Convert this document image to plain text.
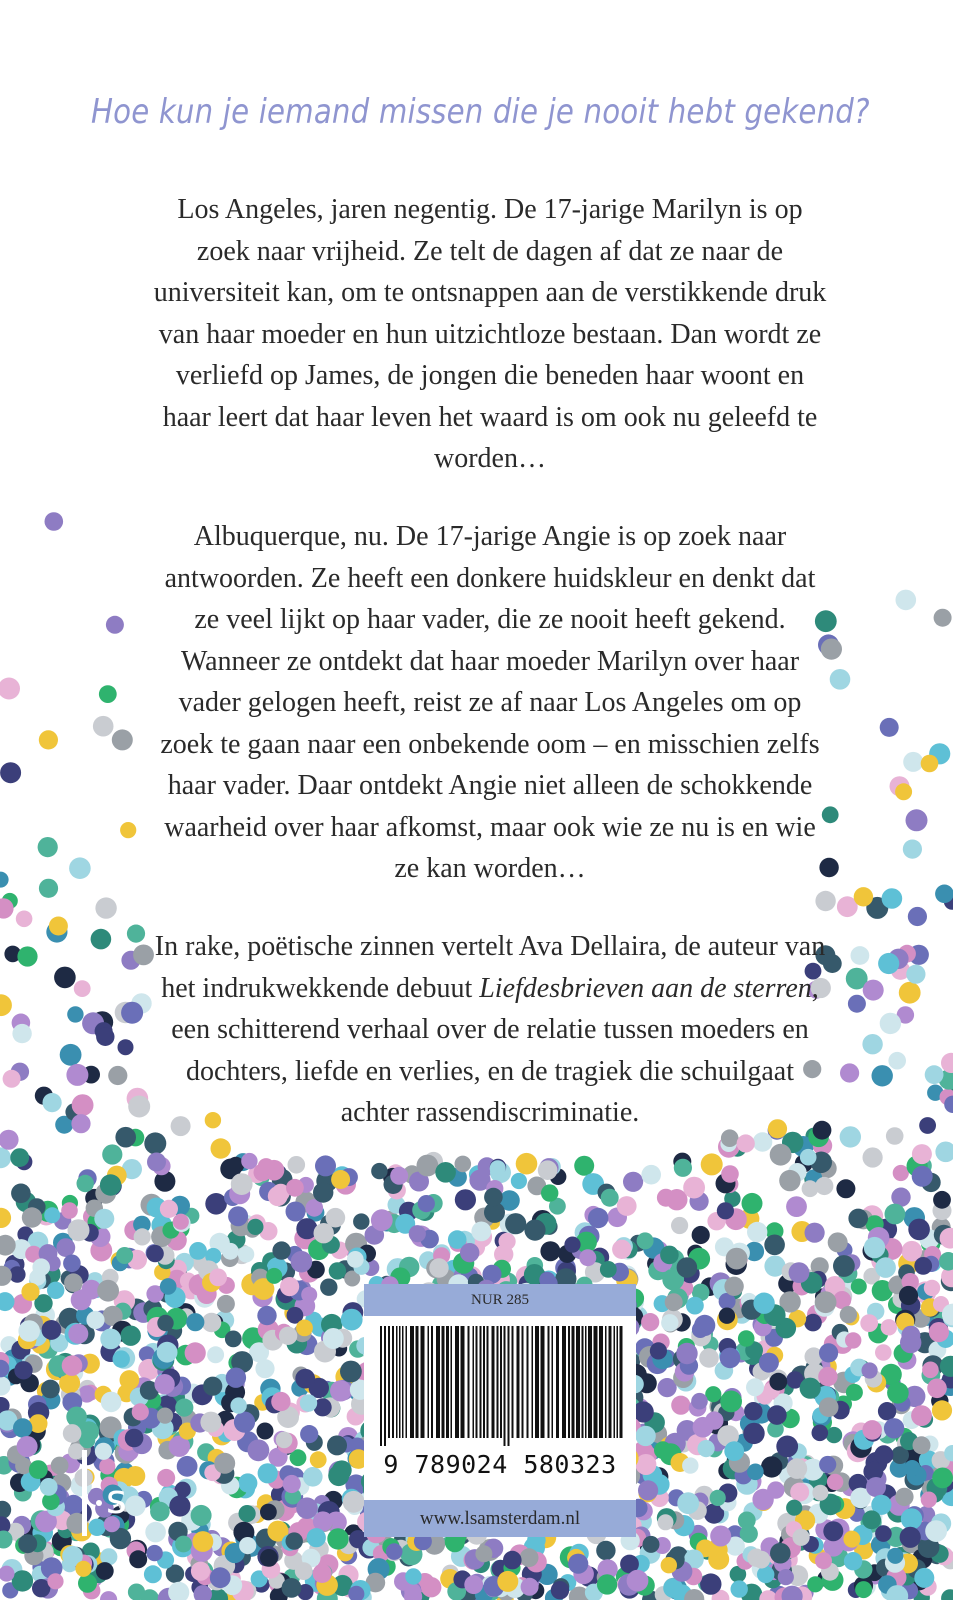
Hoe kun je iemand missen die je nooit hebt gekend?

Los Angeles, jaren negentig. De 17-jarige Marilyn is op zoek naar vrijheid. Ze telt de dagen af dat ze naar de universiteit kan, om te ontsnappen aan de verstikkende druk van haar moeder en hun uitzichtloze bestaan. Dan wordt ze verliefd op James, de jongen die beneden haar woont en haar leert dat haar leven het waard is om ook nu geleefd te worden…

Albuquerque, nu. De 17-jarige Angie is op zoek naar antwoorden. Ze heeft een donkere huidskleur en denkt dat ze veel lijkt op haar vader, die ze nooit heeft gekend. Wanneer ze ontdekt dat haar moeder Marilyn over haar vader gelogen heeft, reist ze af naar Los Angeles om op zoek te gaan naar een onbekende oom – en misschien zelfs haar vader. Daar ontdekt Angie niet alleen de schokkende waarheid over haar afkomst, maar ook wie ze nu is en wie ze kan worden…

In rake, poëtische zinnen vertelt Ava Dellaira, de auteur van het indrukwekkende debuut Liefdesbrieven aan de sterren, een schitterend verhaal over de relatie tussen moeders en dochters, liefde en verlies, en de tragiek die schuilgaat achter rassendiscriminatie.

NUR 285
9 789024 580323
www.lsamsterdam.nl
s
